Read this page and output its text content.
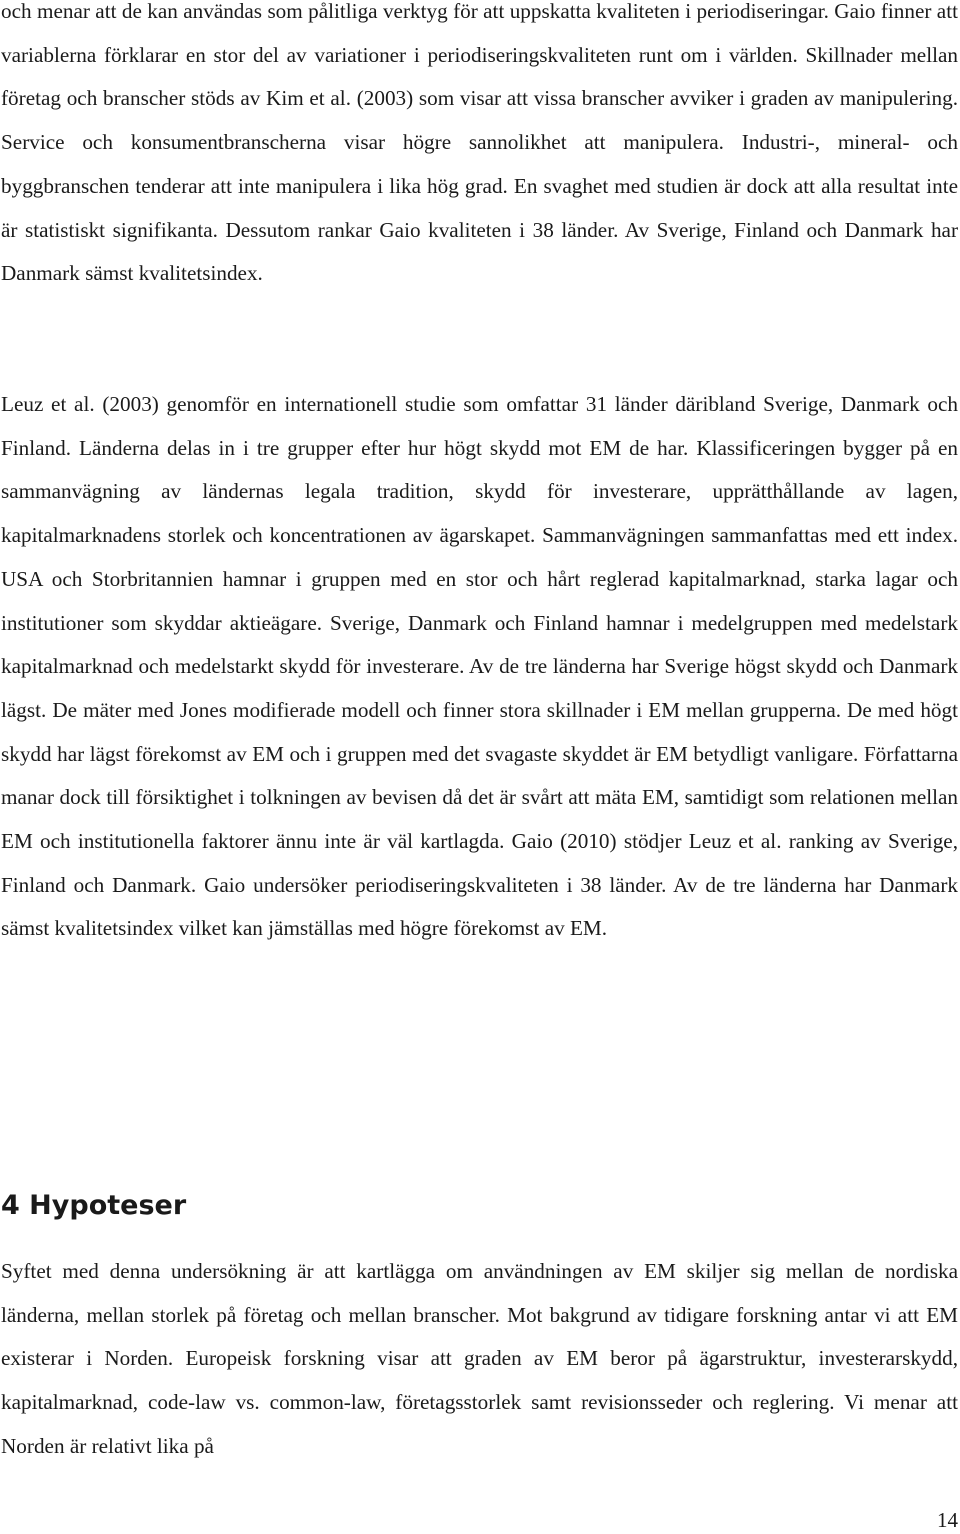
och menar att de kan användas som pålitliga verktyg för att uppskatta kvaliteten i periodiseringar. Gaio finner att variablerna förklarar en stor del av variationer i periodiseringskvaliteten runt om i världen. Skillnader mellan företag och branscher stöds av Kim et al. (2003) som visar att vissa branscher avviker i graden av manipulering. Service och konsumentbranscherna visar högre sannolikhet att manipulera. Industri-, mineral- och byggbranschen tenderar att inte manipulera i lika hög grad. En svaghet med studien är dock att alla resultat inte är statistiskt signifikanta. Dessutom rankar Gaio kvaliteten i 38 länder. Av Sverige, Finland och Danmark har Danmark sämst kvalitetsindex.

Leuz et al. (2003) genomför en internationell studie som omfattar 31 länder däribland Sverige, Danmark och Finland. Länderna delas in i tre grupper efter hur högt skydd mot EM de har. Klassificeringen bygger på en sammanvägning av ländernas legala tradition, skydd för investerare, upprätthållande av lagen, kapitalmarknadens storlek och koncentrationen av ägarskapet. Sammanvägningen sammanfattas med ett index. USA och Storbritannien hamnar i gruppen med en stor och hårt reglerad kapitalmarknad, starka lagar och institutioner som skyddar aktieägare. Sverige, Danmark och Finland hamnar i medelgruppen med medelstark kapitalmarknad och medelstarkt skydd för investerare. Av de tre länderna har Sverige högst skydd och Danmark lägst. De mäter med Jones modifierade modell och finner stora skillnader i EM mellan grupperna. De med högt skydd har lägst förekomst av EM och i gruppen med det svagaste skyddet är EM betydligt vanligare. Författarna manar dock till försiktighet i tolkningen av bevisen då det är svårt att mäta EM, samtidigt som relationen mellan EM och institutionella faktorer ännu inte är väl kartlagda. Gaio (2010) stödjer Leuz et al. ranking av Sverige, Finland och Danmark. Gaio undersöker periodiseringskvaliteten i 38 länder. Av de tre länderna har Danmark sämst kvalitetsindex vilket kan jämställas med högre förekomst av EM.

4 Hypoteser

Syftet med denna undersökning är att kartlägga om användningen av EM skiljer sig mellan de nordiska länderna, mellan storlek på företag och mellan branscher. Mot bakgrund av tidigare forskning antar vi att EM existerar i Norden. Europeisk forskning visar att graden av EM beror på ägarstruktur, investerarskydd, kapitalmarknad, code-law vs. common-law, företagsstorlek samt revisionsseder och reglering. Vi menar att Norden är relativt lika på

14
